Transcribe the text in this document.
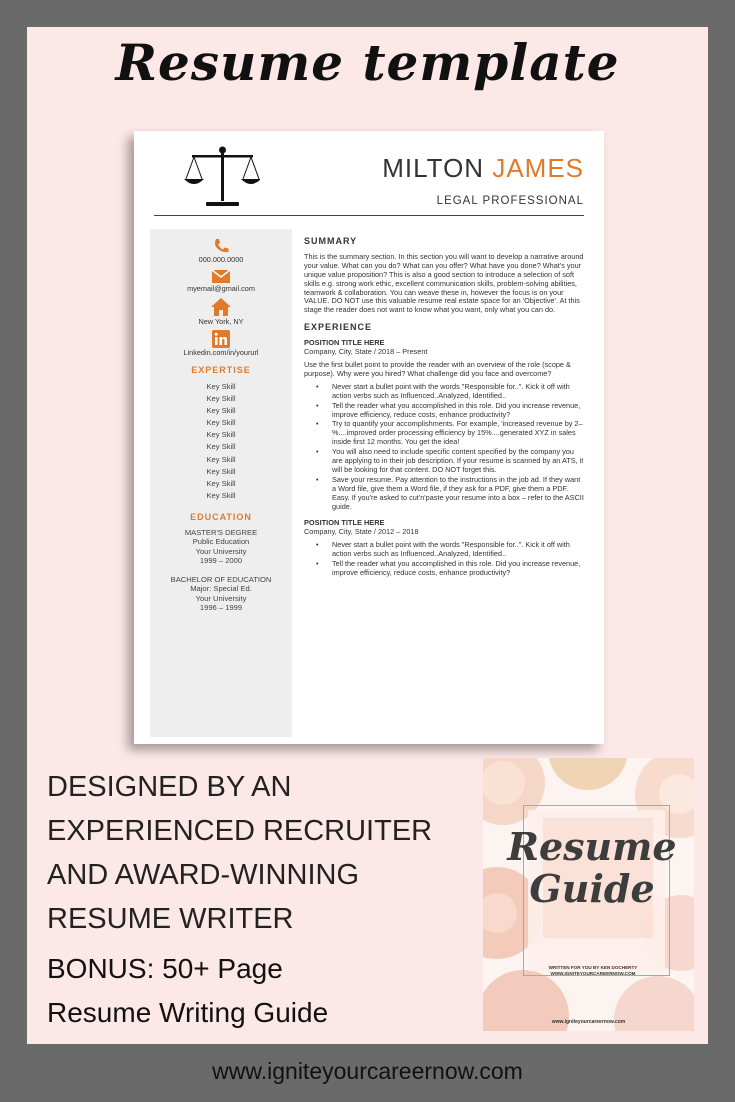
Resume template
MILTON JAMES
LEGAL PROFESSIONAL
000.000.0000
myemail@gmail.com
New York, NY
Linkedin.com/in/yoururl
EXPERTISE
Key Skill
Key Skill
Key Skill
Key Skill
Key Skill
Key Skill
Key Skill
Key Skill
Key Skill
Key Skill
EDUCATION
MASTER'S DEGREE
Public Education
Your University
1999 – 2000
BACHELOR OF EDUCATION
Major: Special Ed.
Your University
1996 – 1999
SUMMARY
This is the summary section. In this section you will want to develop a narrative around your value. What can you do? What can you offer? What have you done? What's your unique value proposition? This is also a good section to introduce a selection of soft skills e.g. strong work ethic, excellent communication skills, problem-solving abilities, teamwork & collaboration. You can weave these in, however the focus is on your VALUE. DO NOT use this valuable resume real estate space for an 'Objective'. At this stage the reader does not want to know what you want, only what you can do.
EXPERIENCE
POSITION TITLE HERE
Company, City, State / 2018 – Present
Use the first bullet point to provide the reader with an overview of the role (scope & purpose). Why were you hired? What challenge did you face and overcome?
• Never start a bullet point with the words "Responsible for..". Kick it off with action verbs such as Influenced..Analyzed, Identified..
• Tell the reader what you accomplished in this role. Did you increase revenue, improve efficiency, reduce costs, enhance productivity?
• Try to quantify your accomplishments. For example, 'increased revenue by 2–%....improved order processing efficiency by 15%....generated XYZ in sales inside first 12 months. You get the idea!
• You will also need to include specific content specified by the company you are applying to in their job description. If your resume is scanned by an ATS, it will be looking for that content. DO NOT forget this.
• Save your resume. Pay attention to the instructions in the job ad. If they want a Word file, give them a Word file, if they ask for a PDF, give them a PDF. Easy. If you're asked to cut'n'paste your resume into a box – refer to the ASCII guide.
POSITION TITLE HERE
Company, City, State / 2012 – 2018
• Never start a bullet point with the words "Responsible for..". Kick it off with action verbs such as Influenced..Analyzed, Identified..
• Tell the reader what you accomplished in this role. Did you increase revenue, improve efficiency, reduce costs, enhance productivity?
DESIGNED BY AN EXPERIENCED RECRUITER AND AWARD-WINNING RESUME WRITER
BONUS: 50+ Page
Resume Writing Guide
Resume
Guide
WRITTEN FOR YOU BY KEN DOCHERTY
WWW.IGNITEYOURCAREERNOW.COM
www.igniteyourcareernow.com
www.igniteyourcareernow.com
